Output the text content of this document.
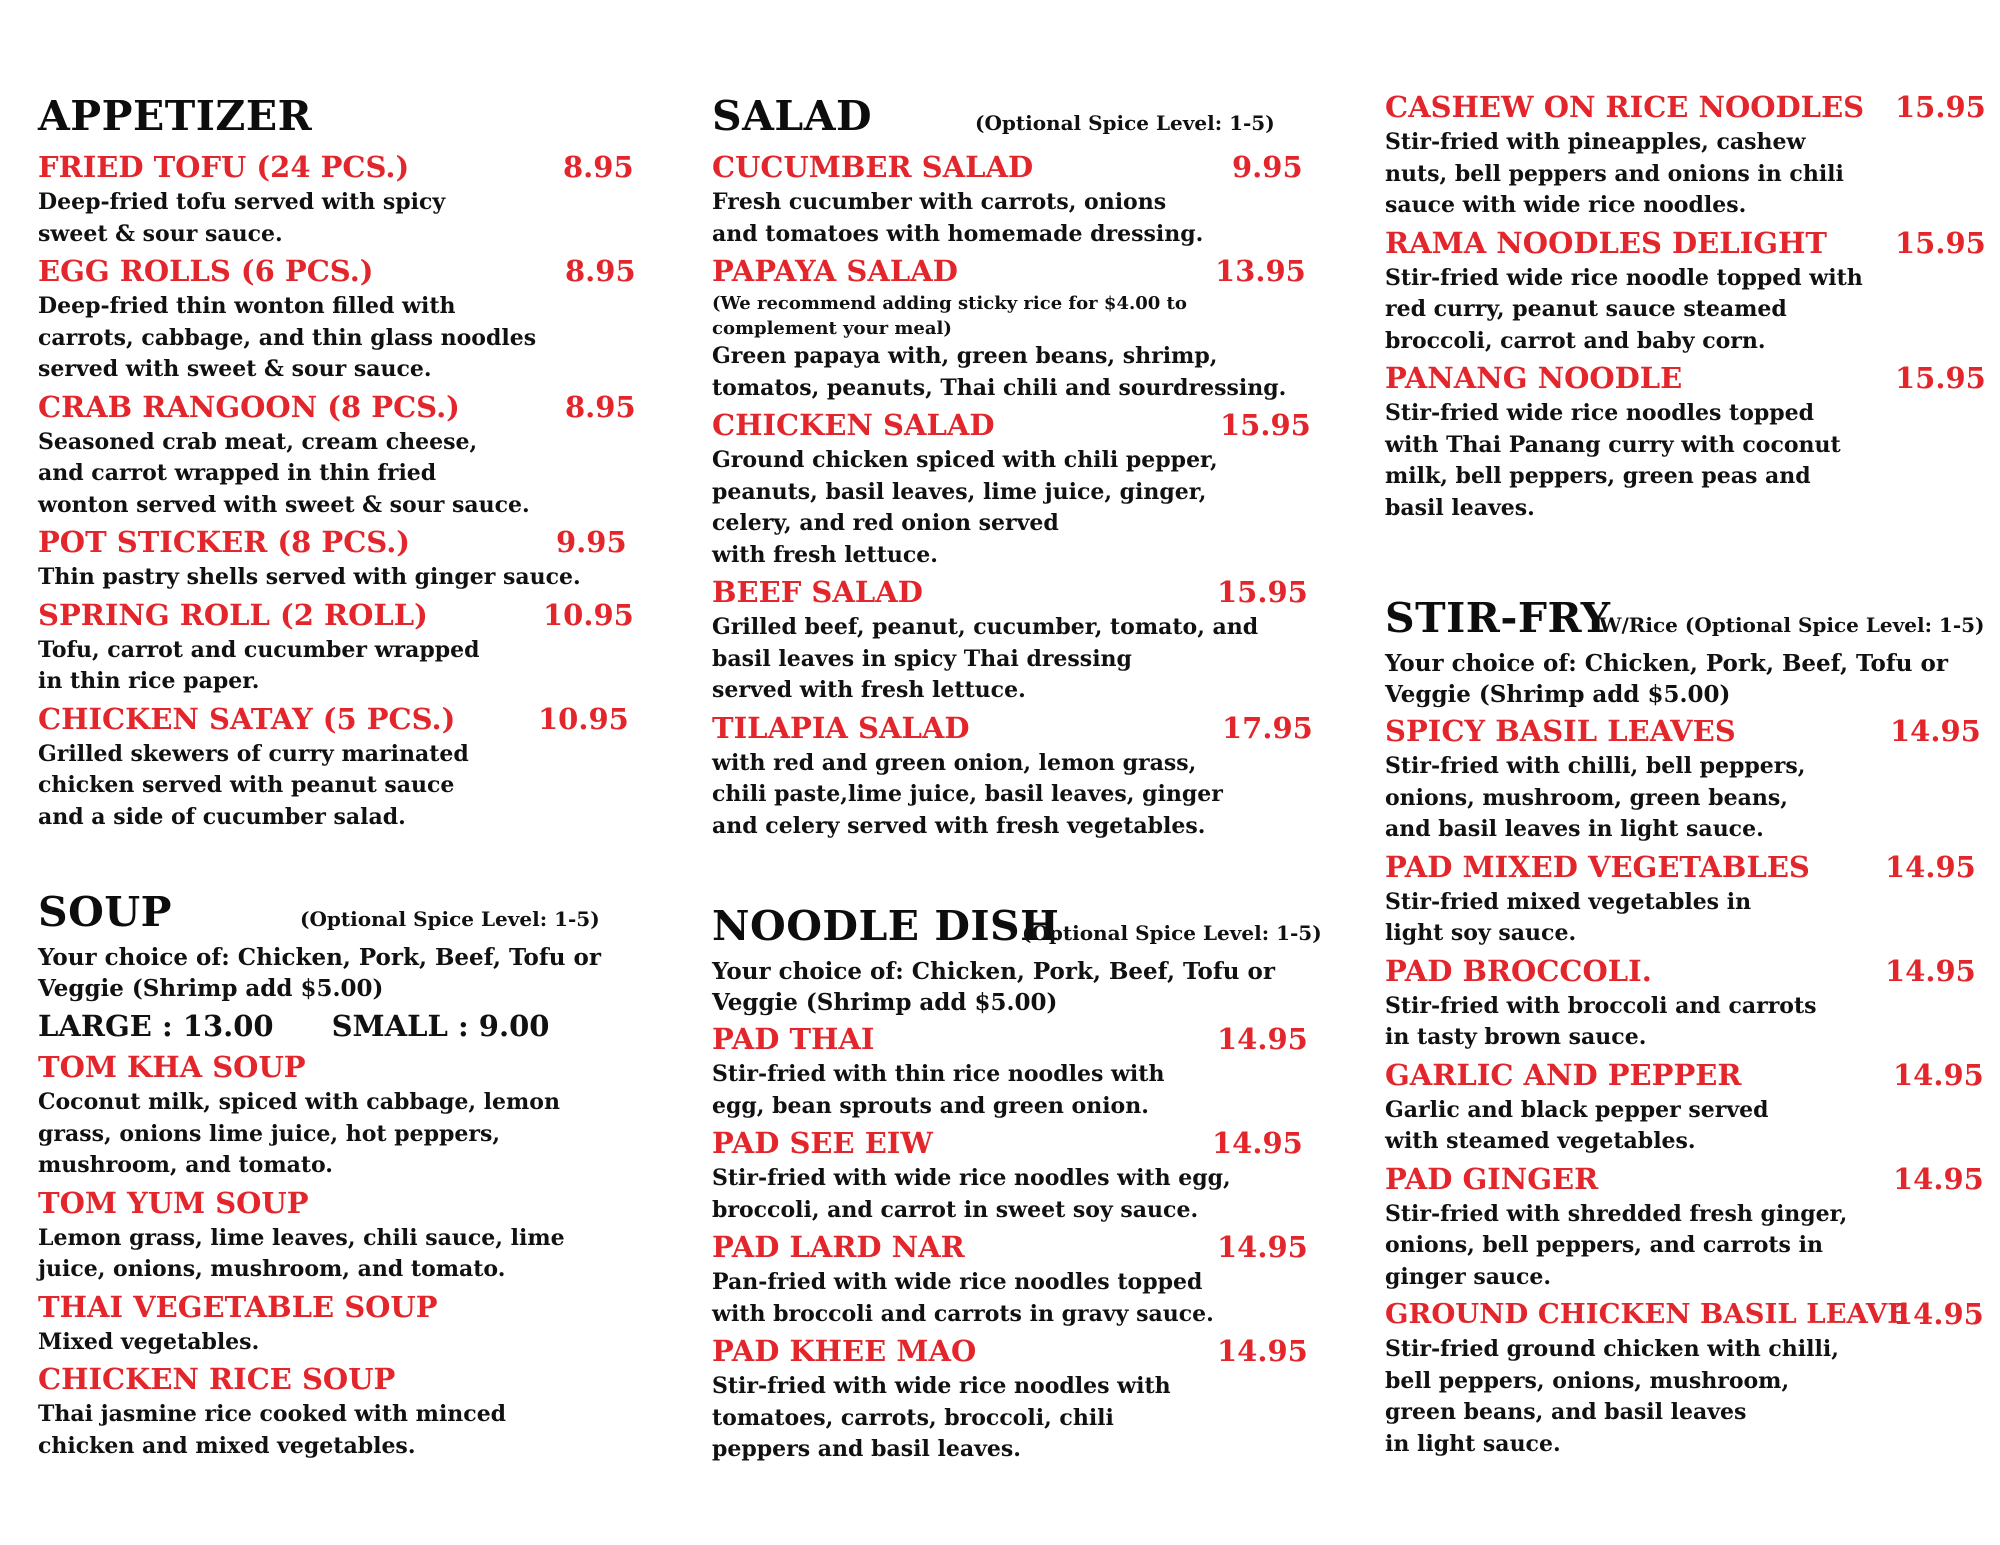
APPETIZER
FRIED TOFU (24 PCS.)	8.95
Deep-fried tofu served with spicy
sweet & sour sauce.
EGG ROLLS (6 PCS.)	8.95
Deep-fried thin wonton filled with
carrots, cabbage, and thin glass noodles
served with sweet & sour sauce.
CRAB RANGOON (8 PCS.)	8.95
Seasoned crab meat, cream cheese,
and carrot wrapped in thin fried
wonton served with sweet & sour sauce.
POT STICKER (8 PCS.)	9.95
Thin pastry shells served with ginger sauce.
SPRING ROLL (2 ROLL)	10.95
Tofu, carrot and cucumber wrapped
in thin rice paper.
CHICKEN SATAY (5 PCS.)	10.95
Grilled skewers of curry marinated
chicken served with peanut sauce
and a side of cucumber salad.
SOUP	(Optional Spice Level: 1-5)
Your choice of: Chicken, Pork, Beef, Tofu or
Veggie (Shrimp add $5.00)
LARGE : 13.00 SMALL : 9.00
TOM KHA SOUP
Coconut milk, spiced with cabbage, lemon
grass, onions lime juice, hot peppers,
mushroom, and tomato.
TOM YUM SOUP
Lemon grass, lime leaves, chili sauce, lime
juice, onions, mushroom, and tomato.
THAI VEGETABLE SOUP
Mixed vegetables.
CHICKEN RICE SOUP
Thai jasmine rice cooked with minced
chicken and mixed vegetables.
SALAD	(Optional Spice Level: 1-5)
CUCUMBER SALAD	9.95
Fresh cucumber with carrots, onions
and tomatoes with homemade dressing.
PAPAYA SALAD	13.95
(We recommend adding sticky rice for $4.00 to
complement your meal)
Green papaya with, green beans, shrimp,
tomatos, peanuts, Thai chili and sourdressing.
CHICKEN SALAD	15.95
Ground chicken spiced with chili pepper,
peanuts, basil leaves, lime juice, ginger,
celery, and red onion served
with fresh lettuce.
BEEF SALAD	15.95
Grilled beef, peanut, cucumber, tomato, and
basil leaves in spicy Thai dressing
served with fresh lettuce.
TILAPIA SALAD	17.95
with red and green onion, lemon grass,
chili paste,lime juice, basil leaves, ginger
and celery served with fresh vegetables.
NOODLE DISH
(Optional Spice Level: 1-5)
Your choice of: Chicken, Pork, Beef, Tofu or
Veggie (Shrimp add $5.00)
PAD THAI	14.95
Stir-fried with thin rice noodles with
egg, bean sprouts and green onion.
PAD SEE EIW	14.95
Stir-fried with wide rice noodles with egg,
broccoli, and carrot in sweet soy sauce.
PAD LARD NAR	14.95
Pan-fried with wide rice noodles topped
with broccoli and carrots in gravy sauce.
PAD KHEE MAO	14.95
Stir-fried with wide rice noodles with
tomatoes, carrots, broccoli, chili
peppers and basil leaves.
CASHEW ON RICE NOODLES	15.95
Stir-fried with pineapples, cashew
nuts, bell peppers and onions in chili
sauce with wide rice noodles.
RAMA NOODLES DELIGHT	15.95
Stir-fried wide rice noodle topped with
red curry, peanut sauce steamed
broccoli, carrot and baby corn.
PANANG NOODLE	15.95
Stir-fried wide rice noodles topped
with Thai Panang curry with coconut
milk, bell peppers, green peas and
basil leaves.
STIR-FRY
W/Rice (Optional Spice Level: 1-5)
Your choice of: Chicken, Pork, Beef, Tofu or
Veggie (Shrimp add $5.00)
SPICY BASIL LEAVES	14.95
Stir-fried with chilli, bell peppers,
onions, mushroom, green beans,
and basil leaves in light sauce.
PAD MIXED VEGETABLES	14.95
Stir-fried mixed vegetables in
light soy sauce.
PAD BROCCOLI.	14.95
Stir-fried with broccoli and carrots
in tasty brown sauce.
GARLIC AND PEPPER	14.95
Garlic and black pepper served
with steamed vegetables.
PAD GINGER	14.95
Stir-fried with shredded fresh ginger,
onions, bell peppers, and carrots in
ginger sauce.
GROUND CHICKEN BASIL LEAVE
14.95
Stir-fried ground chicken with chilli,
bell peppers, onions, mushroom,
green beans, and basil leaves
in light sauce.
